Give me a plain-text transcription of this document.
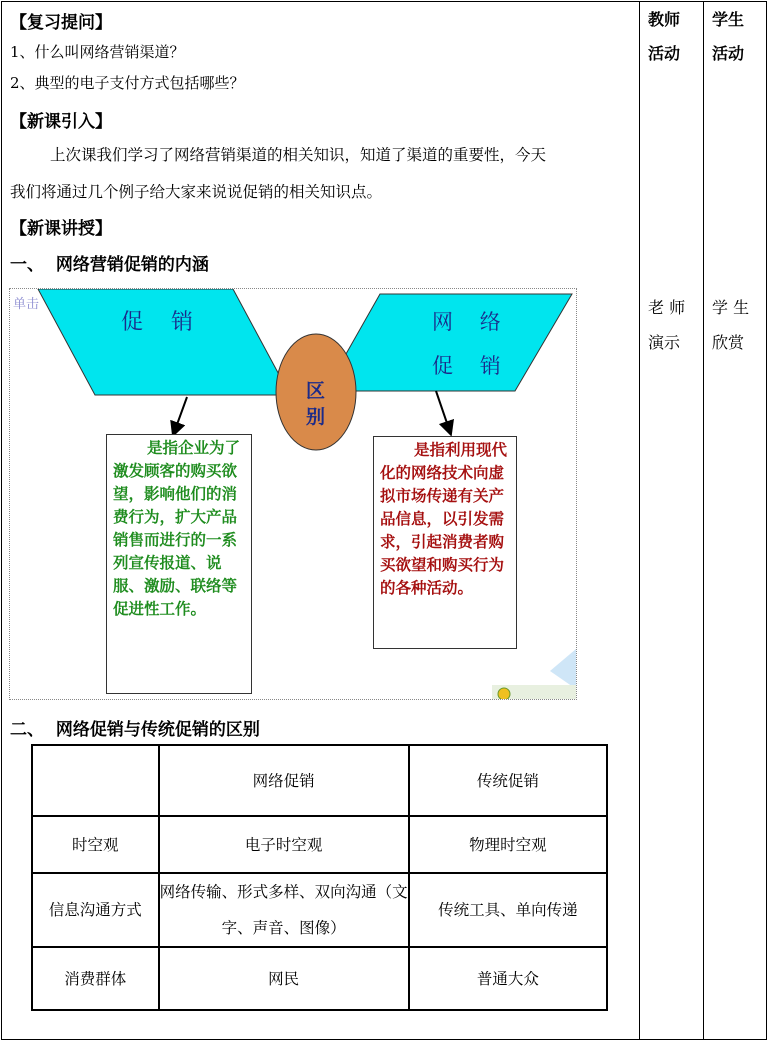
教师
活动
学生
活动
老 师
演示
学 生
欣赏
【复习提问】
1、什么叫网络营销渠道？
2、典型的电子支付方式包括哪些？
【新课引入】
上次课我们学习了网络营销渠道的相关知识，知道了渠道的重要性，今天
我们将通过几个例子给大家来说说促销的相关知识点。
【新课讲授】
一、  网络营销促销的内涵
单击
促    销	网    络
促    销
区
别
是指企业为了激发顾客的购买欲望，影响他们的消费行为，扩大产品销售而进行的一系列宣传报道、说服、激励、联络等促进性工作。
是指利用现代化的网络技术向虚拟市场传递有关产品信息，以引发需求，引起消费者购买欲望和购买行为的各种活动。
二、  网络促销与传统促销的区别
	网络促销	传统促销
时空观	电子时空观	物理时空观
信息沟通方式	网络传输、形式多样、双向沟通（文字、声音、图像）	传统工具、单向传递
消费群体	网民	普通大众
